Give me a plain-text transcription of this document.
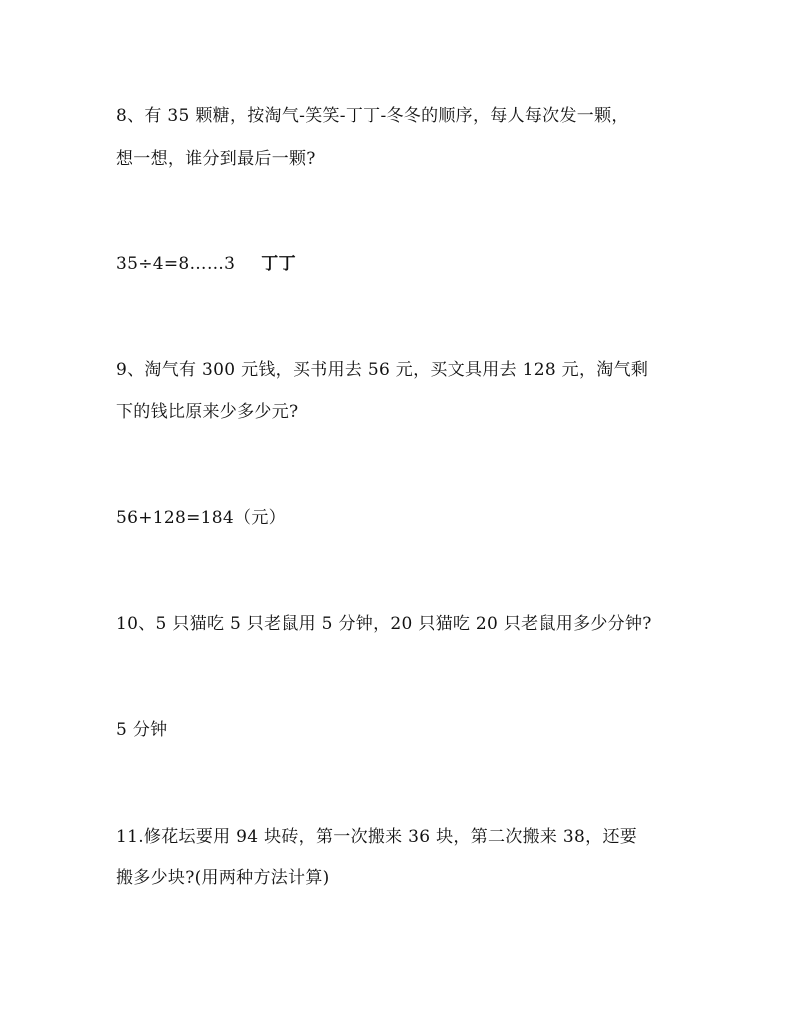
8、有 35 颗糖，按淘气-笑笑-丁丁-冬冬的顺序，每人每次发一颗，
想一想，谁分到最后一颗?
35÷4=8……3 丁丁
9、淘气有 300 元钱，买书用去 56 元，买文具用去 128 元，淘气剩
下的钱比原来少多少元?
56+128=184（元）
10、5 只猫吃 5 只老鼠用 5 分钟，20 只猫吃 20 只老鼠用多少分钟?
5 分钟
11.修花坛要用 94 块砖，第一次搬来 36 块，第二次搬来 38，还要
搬多少块?(用两种方法计算)
